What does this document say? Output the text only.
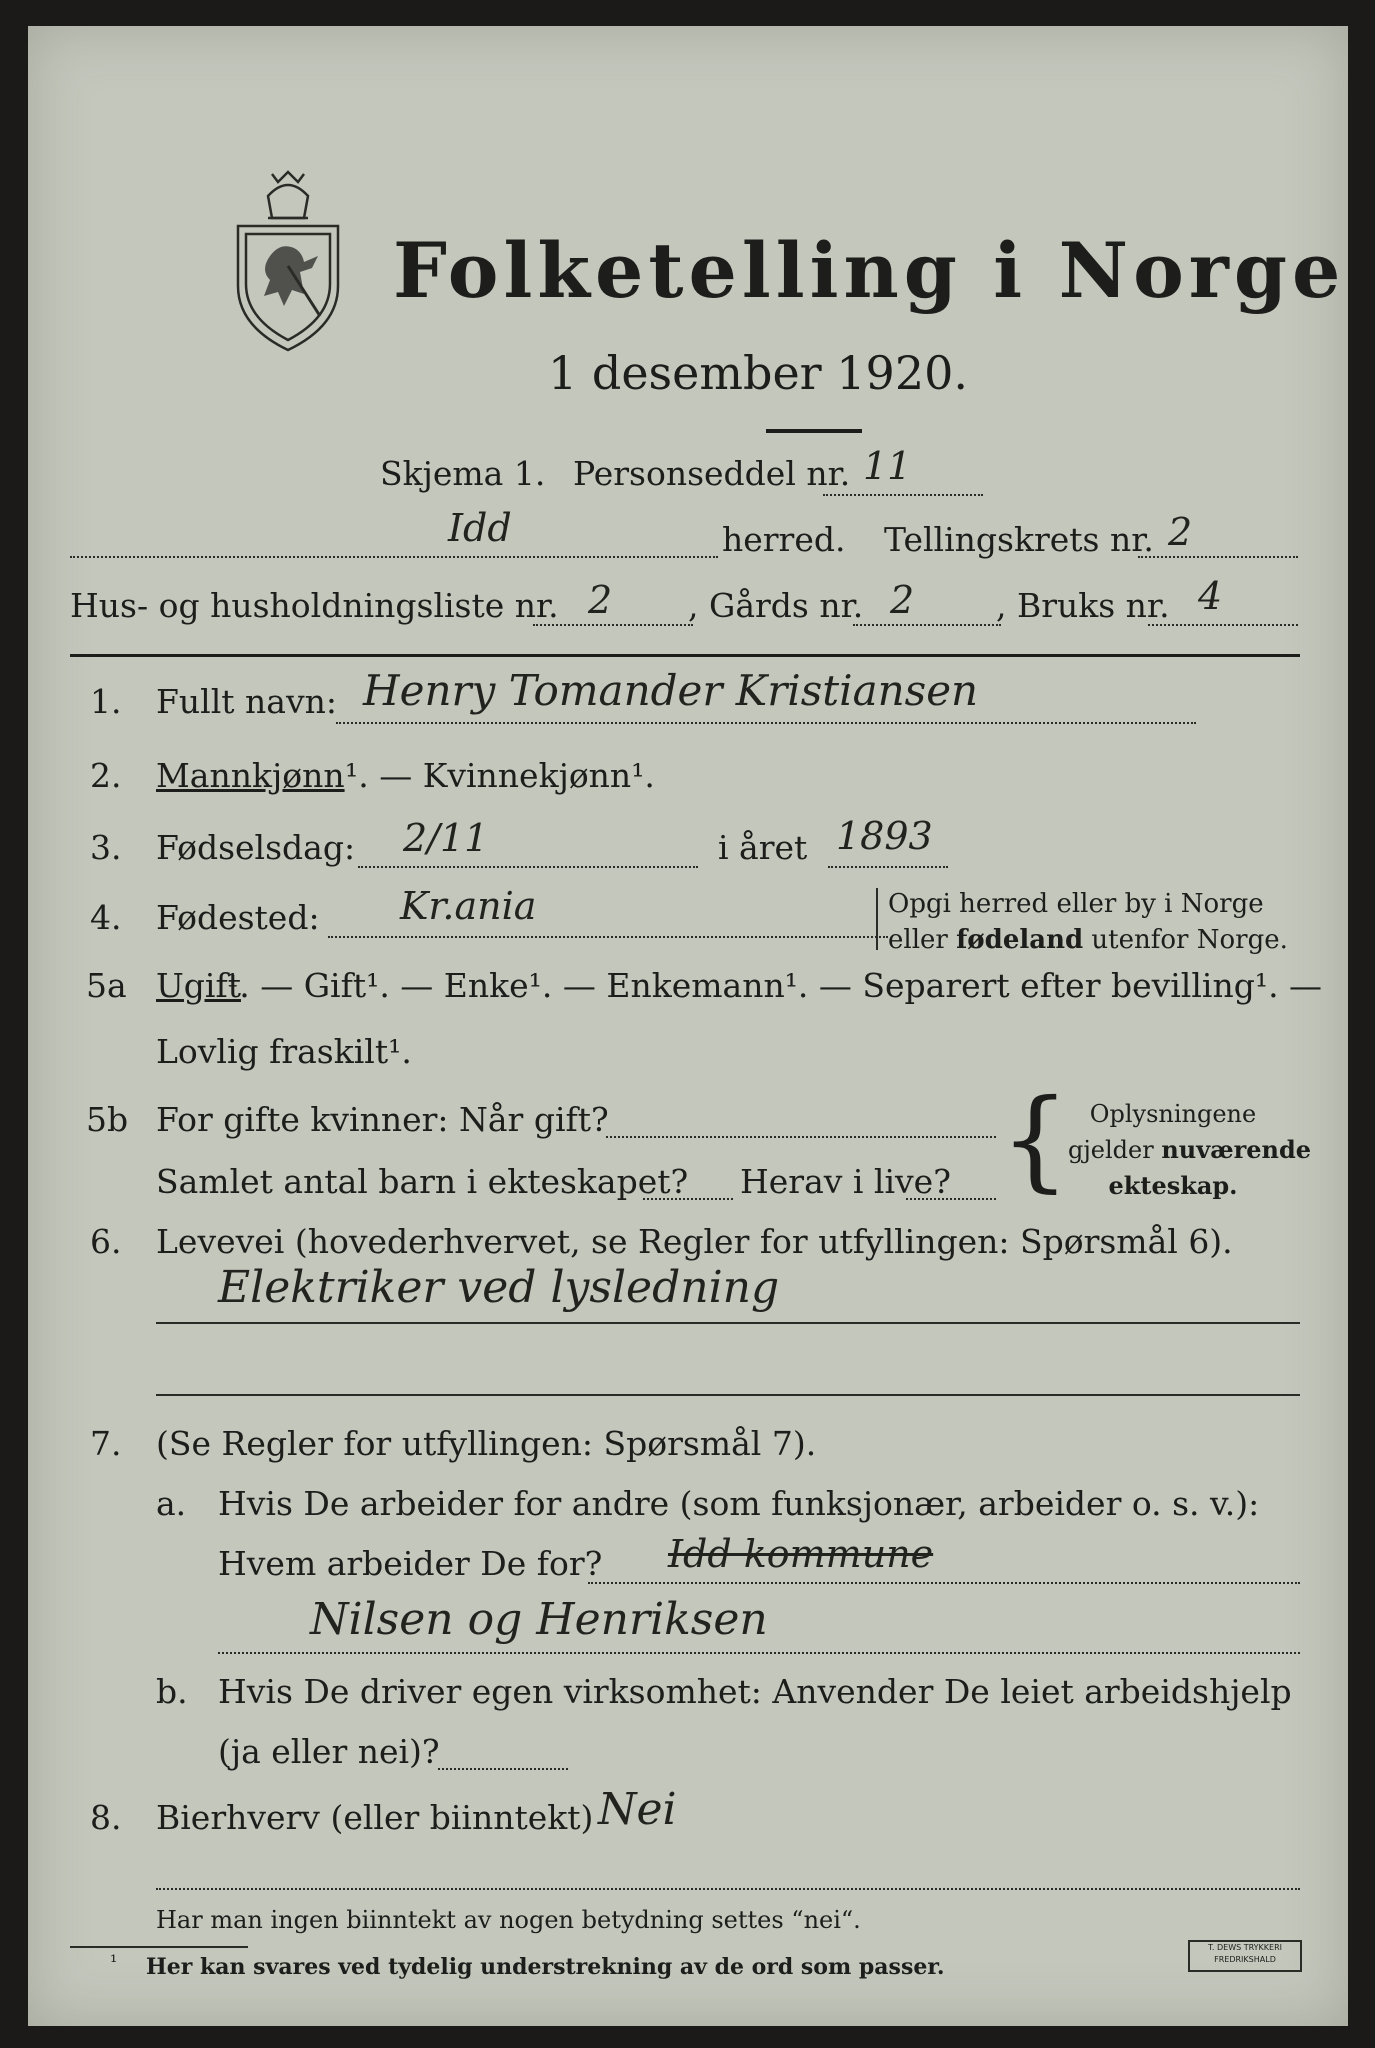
Folketelling i Norge
1 desember 1920.
Skjema 1. Personseddel nr. 11
Idd	herred. Tellingskrets nr. 2
Hus- og husholdningsliste nr. 2 , Gårds nr. 2 , Bruks nr. 4
1. Fullt navn: Henry Tomander Kristiansen
2. Mannkjønn ¹. — Kvinnekjønn¹.
3. Fødselsdag: 2/11	i året 1893
4. Fødested: Kr.ania	Opgi herred eller by i Norge
eller fødeland utenfor Norge.
5a Ugift
¹. — Gift¹. — Enke¹. — Enkemann¹. — Separert efter bevilling¹. —
Lovlig fraskilt¹.
5b For gifte kvinner: Når gift?
Samlet antal barn i ekteskapet? Herav i live? { Oplysningene
gjelder nuværende
ekteskap.
6. Levevei (hovederhvervet, se Regler for utfyllingen: Spørsmål 6).
Elektriker ved lysledning
7. (Se Regler for utfyllingen: Spørsmål 7).
a. Hvis De arbeider for andre (som funksjonær, arbeider o. s. v.):
Hvem arbeider De for? Idd kommune
Nilsen og Henriksen
b. Hvis De driver egen virksomhet: Anvender De leiet arbeidshjelp
(ja eller nei)?
8. Bierhverv (eller biinntekt) Nei
Har man ingen biinntekt av nogen betydning settes “nei“.
¹ Her kan svares ved tydelig understrekning av de ord som passer.
T. DEWS TRYKKERI
FREDRIKSHALD
